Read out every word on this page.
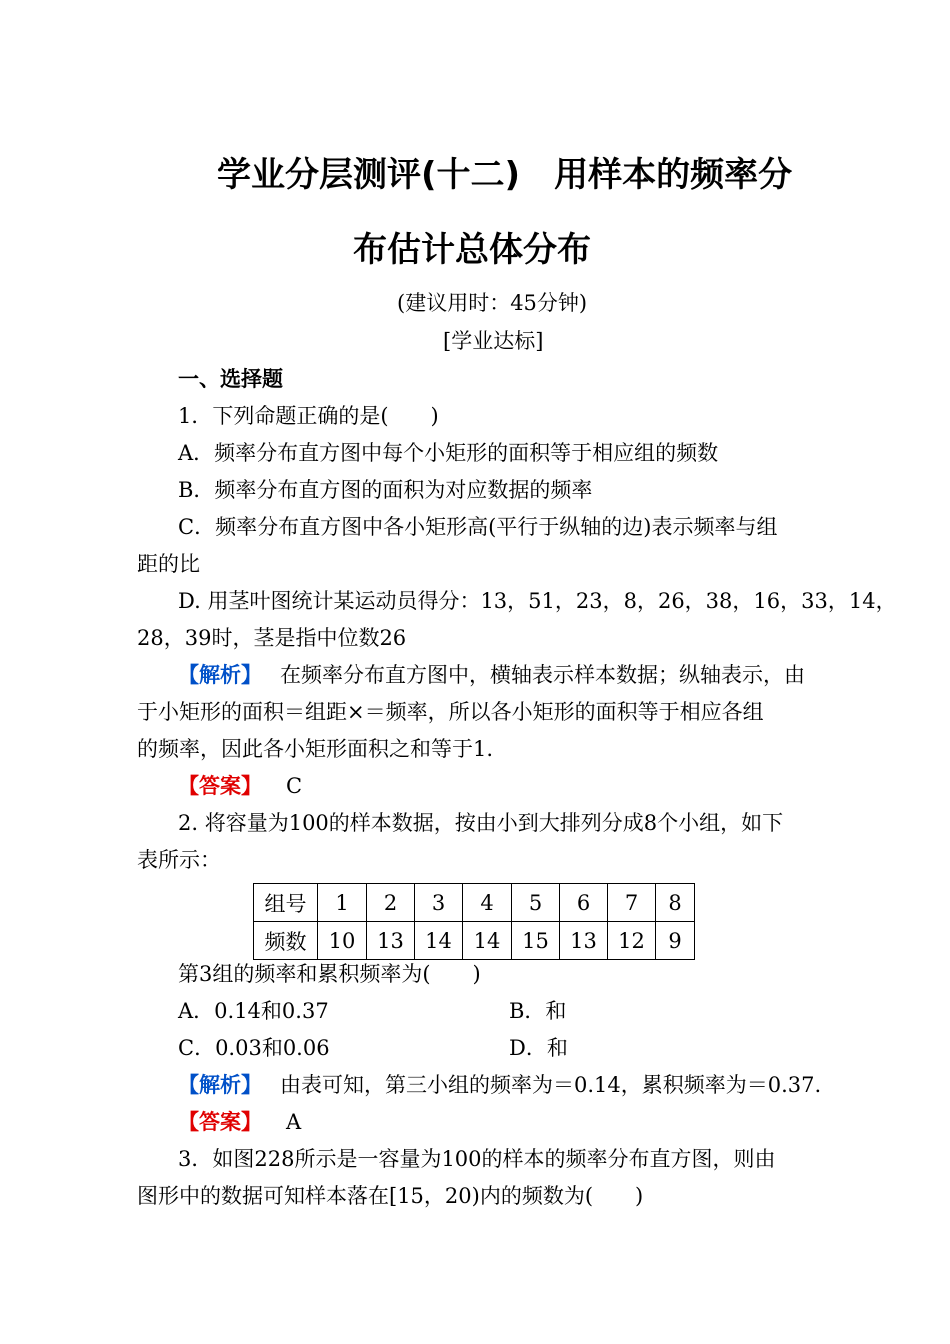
学业分层测评(十二)　用样本的频率分
布估计总体分布
(建议用时：45分钟)
[学业达标]
一、选择题
1．下列命题正确的是(　　)
A．频率分布直方图中每个小矩形的面积等于相应组的频数
B．频率分布直方图的面积为对应数据的频率
C．频率分布直方图中各小矩形高(平行于纵轴的边)表示频率与组
距的比
D. 用茎叶图统计某运动员得分：13，51，23，8，26，38，16，33，14，
28，39时，茎是指中位数26
【解析】 在频率分布直方图中，横轴表示样本数据；纵轴表示，由
于小矩形的面积＝组距×＝频率，所以各小矩形的面积等于相应各组
的频率，因此各小矩形面积之和等于1.
【答案】 C
2. 将容量为100的样本数据，按由小到大排列分成8个小组，如下
表所示：
组号	1	2	3	4	5	6	7	8
频数	10	13	14	14	15	13	12	9
第3组的频率和累积频率为(　　)
A．0.14和0.37	B．和
C．0.03和0.06	D．和
【解析】 由表可知，第三小组的频率为＝0.14，累积频率为＝0.37.
【答案】 A
3．如图228所示是一容量为100的样本的频率分布直方图，则由
图形中的数据可知样本落在[15，20)内的频数为(　　)
